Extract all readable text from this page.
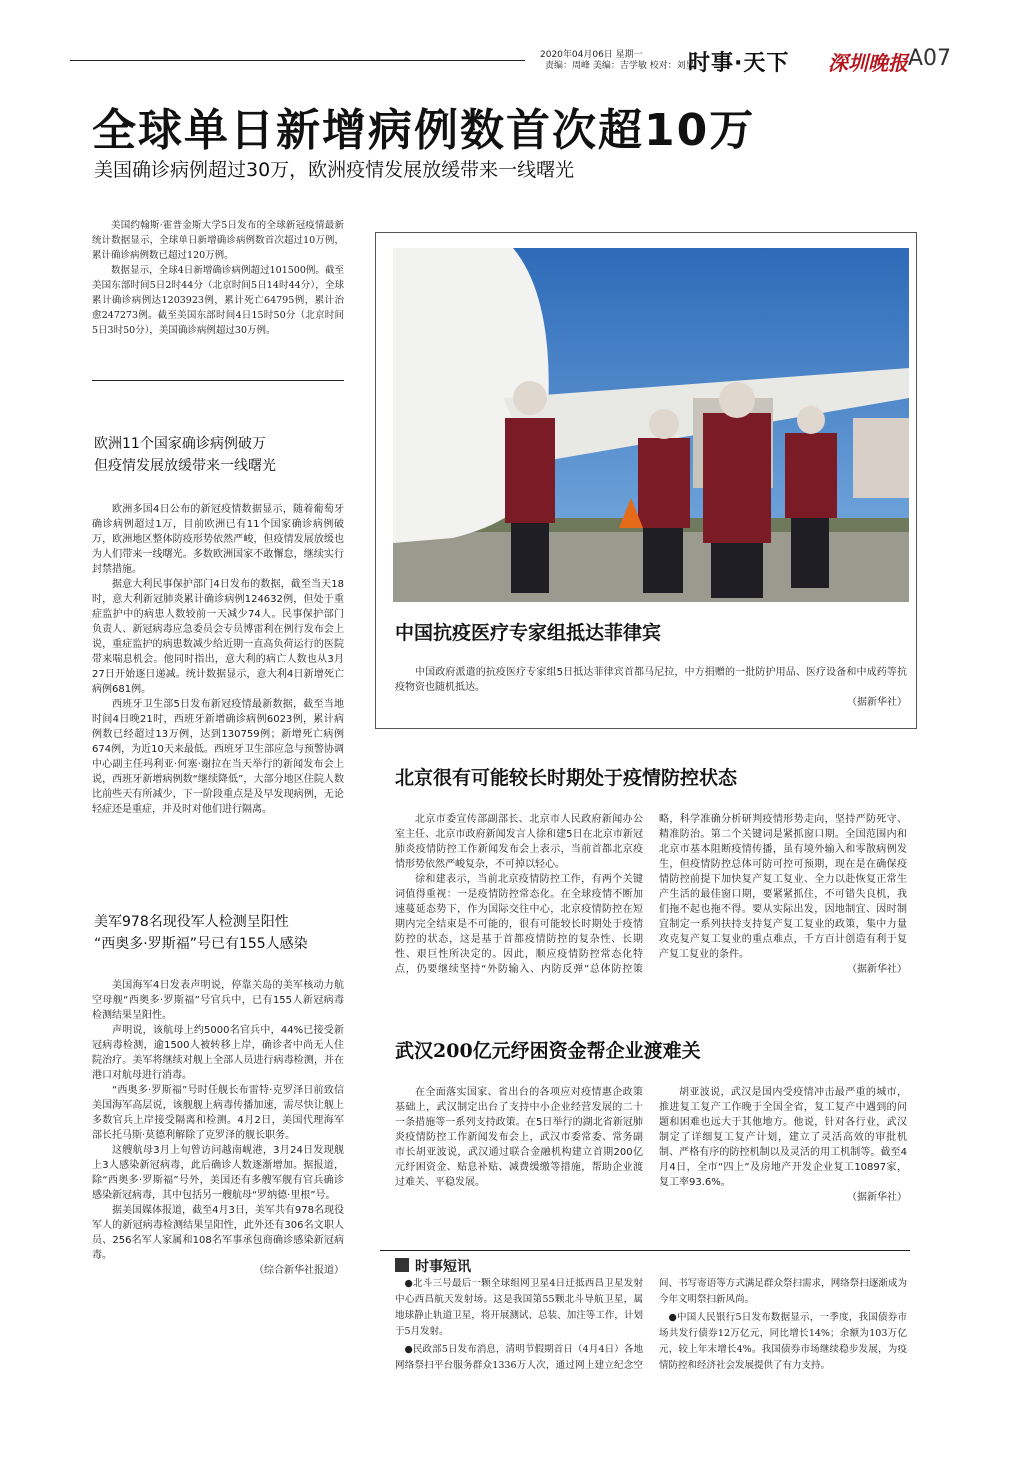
2020年04月06日 星期一
责编：周峰 美编：吉学敏 校对：刘显
时事·天下 深圳晚报 A07
全球单日新增病例数首次超10万
美国确诊病例超过30万，欧洲疫情发展放缓带来一线曙光

美国约翰斯·霍普金斯大学5日发布的全球新冠疫情最新统计数据显示，全球单日新增确诊病例数首次超过10万例，累计确诊病例数已超过120万例。

数据显示，全球4日新增确诊病例超过101500例。截至美国东部时间5日2时44分（北京时间5日14时44分），全球累计确诊病例达1203923例，累计死亡64795例，累计治愈247273例。截至美国东部时间4日15时50分（北京时间5日3时50分），美国确诊病例超过30万例。

欧洲11个国家确诊病例破万
但疫情发展放缓带来一线曙光

欧洲多国4日公布的新冠疫情数据显示，随着葡萄牙确诊病例超过1万，目前欧洲已有11个国家确诊病例破万，欧洲地区整体防疫形势依然严峻，但疫情发展放缓也为人们带来一线曙光。多数欧洲国家不敢懈怠，继续实行封禁措施。

据意大利民事保护部门4日发布的数据，截至当天18时，意大利新冠肺炎累计确诊病例124632例，但处于重症监护中的病患人数较前一天减少74人。民事保护部门负责人、新冠病毒应急委员会专员博雷利在例行发布会上说，重症监护的病患数减少给近期一直高负荷运行的医院带来喘息机会。他同时指出，意大利的病亡人数也从3月27日开始逐日递减。统计数据显示，意大利4日新增死亡病例681例。

西班牙卫生部5日发布新冠疫情最新数据，截至当地时间4日晚21时，西班牙新增确诊病例6023例，累计病例数已经超过13万例，达到130759例；新增死亡病例674例，为近10天来最低。西班牙卫生部应急与预警协调中心副主任玛利亚·何塞·谢拉在当天举行的新闻发布会上说，西班牙新增病例数“继续降低”，大部分地区住院人数比前些天有所减少，下一阶段重点是及早发现病例，无论轻症还是重症，并及时对他们进行隔离。

美军978名现役军人检测呈阳性
“西奥多·罗斯福”号已有155人感染

美国海军4日发表声明说，停靠关岛的美军核动力航空母舰“西奥多·罗斯福”号官兵中，已有155人新冠病毒检测结果呈阳性。

声明说，该航母上约5000名官兵中，44%已接受新冠病毒检测，逾1500人被转移上岸，确诊者中尚无人住院治疗。美军将继续对舰上全部人员进行病毒检测，并在港口对航母进行消毒。

“西奥多·罗斯福”号时任舰长布雷特·克罗泽日前致信美国海军高层说，该舰舰上病毒传播加速，需尽快让舰上多数官兵上岸接受隔离和检测。4月2日，美国代理海军部长托马斯·莫德利解除了克罗泽的舰长职务。

这艘航母3月上旬曾访问越南岘港，3月24日发现舰上3人感染新冠病毒，此后确诊人数逐渐增加。据报道，除“西奥多·罗斯福”号外，美国还有多艘军舰有官兵确诊感染新冠病毒，其中包括另一艘航母“罗纳德·里根”号。

据美国媒体报道，截至4月3日，美军共有978名现役军人的新冠病毒检测结果呈阳性，此外还有306名文职人员、256名军人家属和108名军事承包商确诊感染新冠病毒。

（综合新华社报道）
中国抗疫医疗专家组抵达菲律宾

中国政府派遣的抗疫医疗专家组5日抵达菲律宾首都马尼拉，中方捐赠的一批防护用品、医疗设备和中成药等抗疫物资也随机抵达。

（据新华社）
北京很有可能较长时期处于疫情防控状态

北京市委宣传部副部长、北京市人民政府新闻办公室主任、北京市政府新闻发言人徐和建5日在北京市新冠肺炎疫情防控工作新闻发布会上表示，当前首都北京疫情形势依然严峻复杂，不可掉以轻心。

徐和建表示，当前北京疫情防控工作，有两个关键词值得重视：一是疫情防控常态化。在全球疫情不断加速蔓延态势下，作为国际交往中心，北京疫情防控在短期内完全结束是不可能的，很有可能较长时期处于疫情防控的状态，这是基于首都疫情防控的复杂性、长期性、艰巨性所决定的。因此，顺应疫情防控常态化特点，仍要继续坚持“外防输入、内防反弹”总体防控策略，科学准确分析研判疫情形势走向，坚持严防死守、精准防治。第二个关键词是紧抓窗口期。全国范围内和北京市基本阻断疫情传播，虽有境外输入和零散病例发生，但疫情防控总体可防可控可预期，现在是在确保疫情防控前提下加快复产复工复业、全力以赴恢复正常生产生活的最佳窗口期，要紧紧抓住，不可错失良机，我们拖不起也拖不得。要从实际出发，因地制宜、因时制宜制定一系列扶持支持复产复工复业的政策，集中力量攻克复产复工复业的重点难点，千方百计创造有利于复产复工复业的条件。

（据新华社）
武汉200亿元纾困资金帮企业渡难关

在全面落实国家、省出台的各项应对疫情惠企政策基础上，武汉制定出台了支持中小企业经营发展的二十一条措施等一系列支持政策。在5日举行的湖北省新冠肺炎疫情防控工作新闻发布会上，武汉市委常委、常务副市长胡亚波说，武汉通过联合金融机构建立首期200亿元纾困资金、贴息补贴、减费缓缴等措施，帮助企业渡过难关、平稳发展。

胡亚波说，武汉是国内受疫情冲击最严重的城市，推进复工复产工作晚于全国全省，复工复产中遇到的问题和困难也远大于其他地方。他说，针对各行业，武汉制定了详细复工复产计划，建立了灵活高效的审批机制、严格有序的防控机制以及灵活的用工机制等。截至4月4日，全市“四上”及房地产开发企业复工10897家，复工率93.6%。

（据新华社）
时事短讯

●北斗三号最后一颗全球组网卫星4日迁抵西昌卫星发射中心西昌航天发射场。这是我国第55颗北斗导航卫星，属地球静止轨道卫星，将开展测试、总装、加注等工作，计划于5月发射。

●民政部5日发布消息，清明节假期首日（4月4日）各地网络祭扫平台服务群众1336万人次，通过网上建立纪念空间、书写寄语等方式满足群众祭扫需求，网络祭扫逐渐成为今年文明祭扫新风尚。

●中国人民银行5日发布数据显示，一季度，我国债券市场共发行债券12万亿元，同比增长14%；余额为103万亿元，较上年末增长4%。我国债券市场继续稳步发展，为疫情防控和经济社会发展提供了有力支持。
